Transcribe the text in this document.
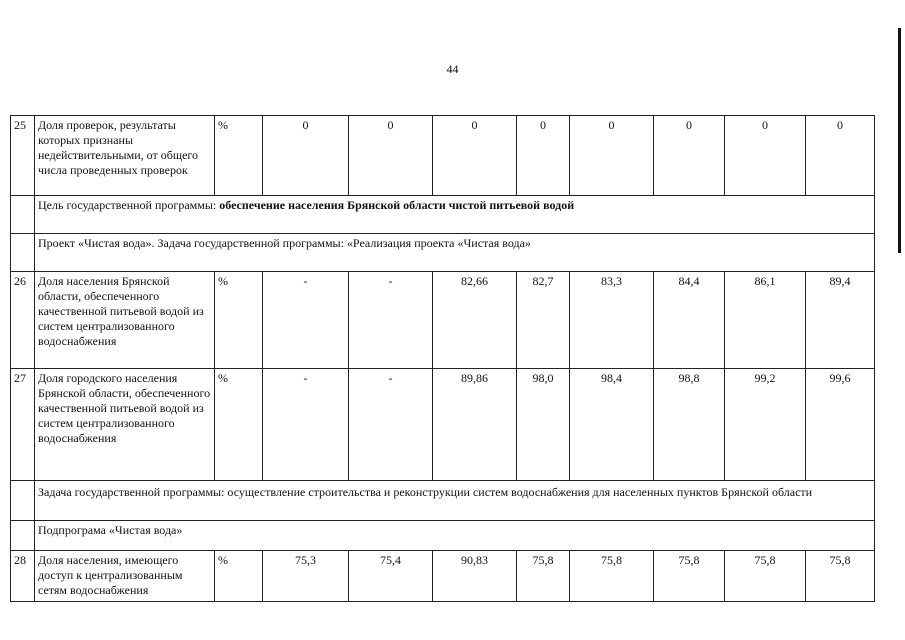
44
25	Доля проверок, результаты которых признаны недействительными, от общего числа проведенных проверок	%	0	0	0	0	0	0	0	0
	Цель государственной программы: обеспечение населения Брянской области чистой питьевой водой									
	Проект «Чистая вода». Задача государственной программы: «Реализация проекта «Чистая вода»									
26	Доля населения Брянской области, обеспеченного качественной питьевой водой из систем централизованного водоснабжения	%	-	-	82,66	82,7	83,3	84,4	86,1	89,4
27	Доля городского населения Брянской области, обеспеченного качественной питьевой водой из систем централизованного водоснабжения	%	-	-	89,86	98,0	98,4	98,8	99,2	99,6
	Задача государственной программы: осуществление строительства и реконструкции систем водоснабжения для населенных пунктов Брянской области									
	Подпрограма «Чистая вода»									
28	Доля населения, имеющего доступ к централизованным сетям водоснабжения	%	75,3	75,4	90,83	75,8	75,8	75,8	75,8	75,8
